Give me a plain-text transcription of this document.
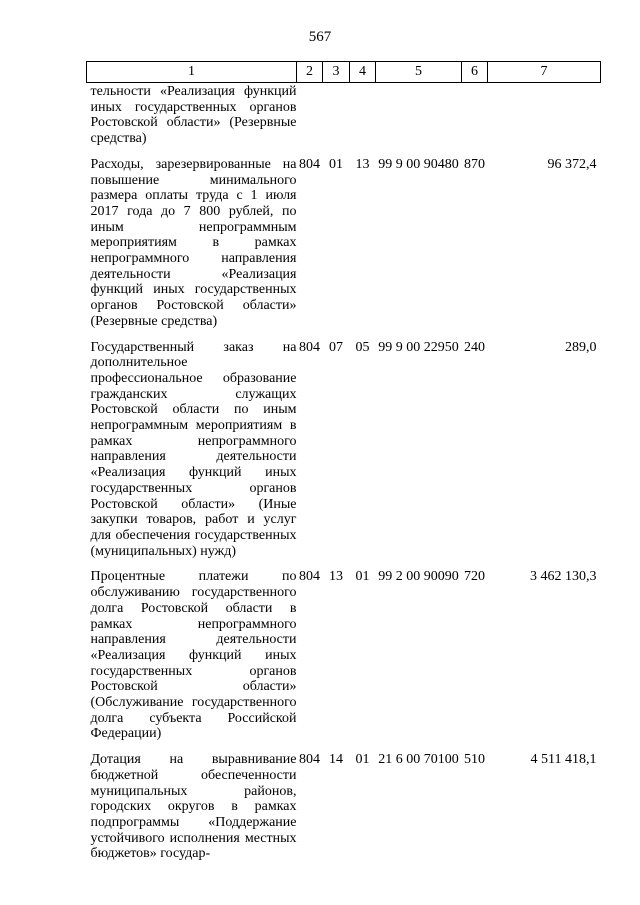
567
1	2	3	4	5	6	7
тельности «Реализация функций иных государственных органов Ростовской области» (Резервные средства)						
Расходы, зарезервированные на повышение минимального размера оплаты труда с 1 июля 2017 года до 7 800 рублей, по иным непрограммным мероприятиям в рамках непрограммного направления деятельности «Реализация функций иных государственных органов Ростовской области» (Резервные средства)	804	01	13	99 9 00 90480	870	96 372,4
Государственный заказ на дополнительное профессиональное образование гражданских служащих Ростовской области по иным непрограммным мероприятиям в рамках непрограммного направления деятельности «Реализация функций иных государственных органов Ростовской области» (Иные закупки товаров, работ и услуг для обеспечения государственных (муниципальных) нужд)	804	07	05	99 9 00 22950	240	289,0
Процентные платежи по обслуживанию государственного долга Ростовской области в рамках непрограммного направления деятельности «Реализация функций иных государственных органов Ростовской области» (Обслуживание государственного долга субъекта Российской Федерации)	804	13	01	99 2 00 90090	720	3 462 130,3
Дотация на выравнивание бюджетной обеспеченности муниципальных районов, городских округов в рамках подпрограммы «Поддержание устойчивого исполнения местных бюджетов» государ-	804	14	01	21 6 00 70100	510	4 511 418,1
